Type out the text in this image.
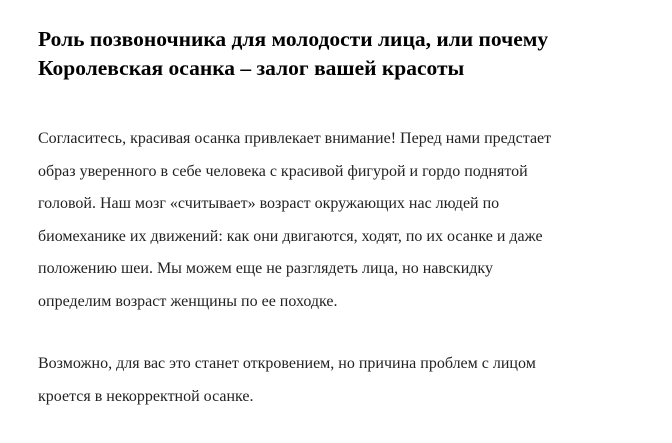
Роль позвоночника для молодости лица, или почему
Королевская осанка – залог вашей красоты

Согласитесь, красивая осанка привлекает внимание! Перед нами предстает
образ уверенного в себе человека с красивой фигурой и гордо поднятой
головой. Наш мозг «считывает» возраст окружающих нас людей по
биомеханике их движений: как они двигаются, ходят, по их осанке и даже
положению шеи. Мы можем еще не разглядеть лица, но навскидку
определим возраст женщины по ее походке.

Возможно, для вас это станет откровением, но причина проблем с лицом
кроется в некорректной осанке.
